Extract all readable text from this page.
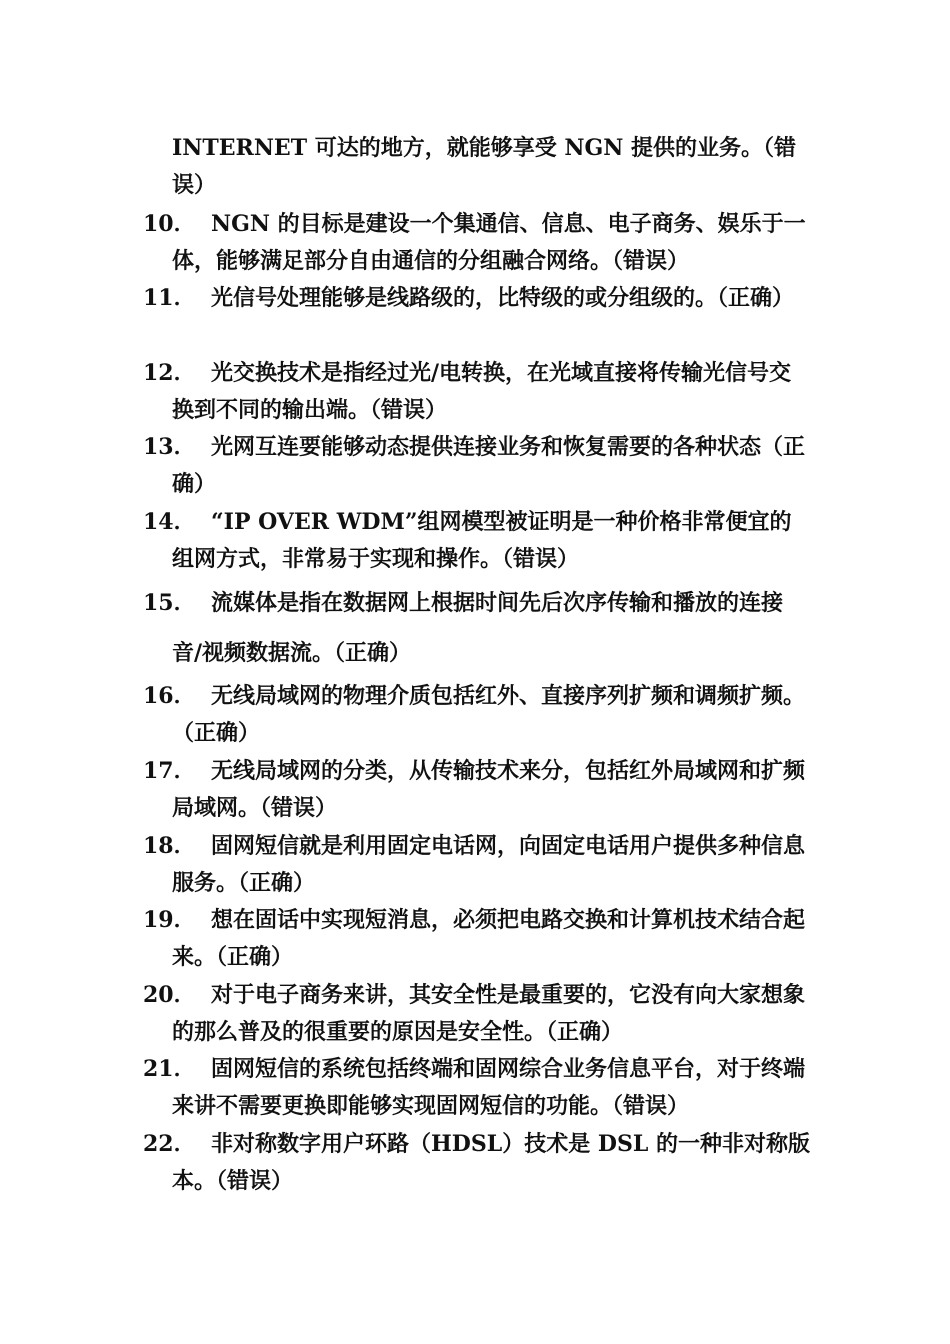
INTERNET 可达的地方，就能够享受 NGN 提供的业务。（错误）
10． NGN 的目标是建设一个集通信、信息、电子商务、娱乐于一体，能够满足部分自由通信的分组融合网络。（错误）
11． 光信号处理能够是线路级的，比特级的或分组级的。（正确）
12． 光交换技术是指经过光/电转换，在光域直接将传输光信号交换到不同的输出端。（错误）
13． 光网互连要能够动态提供连接业务和恢复需要的各种状态（正确）
14． “IP OVER WDM”组网模型被证明是一种价格非常便宜的组网方式，非常易于实现和操作。（错误）
15． 流媒体是指在数据网上根据时间先后次序传输和播放的连接音/视频数据流。（正确）
16． 无线局域网的物理介质包括红外、直接序列扩频和调频扩频。（正确）
17． 无线局域网的分类，从传输技术来分，包括红外局域网和扩频局域网。（错误）
18． 固网短信就是利用固定电话网，向固定电话用户提供多种信息服务。（正确）
19． 想在固话中实现短消息，必须把电路交换和计算机技术结合起来。（正确）
20． 对于电子商务来讲，其安全性是最重要的，它没有向大家想象的那么普及的很重要的原因是安全性。（正确）
21． 固网短信的系统包括终端和固网综合业务信息平台，对于终端来讲不需要更换即能够实现固网短信的功能。（错误）
22． 非对称数字用户环路（HDSL）技术是 DSL 的一种非对称版本。（错误）
